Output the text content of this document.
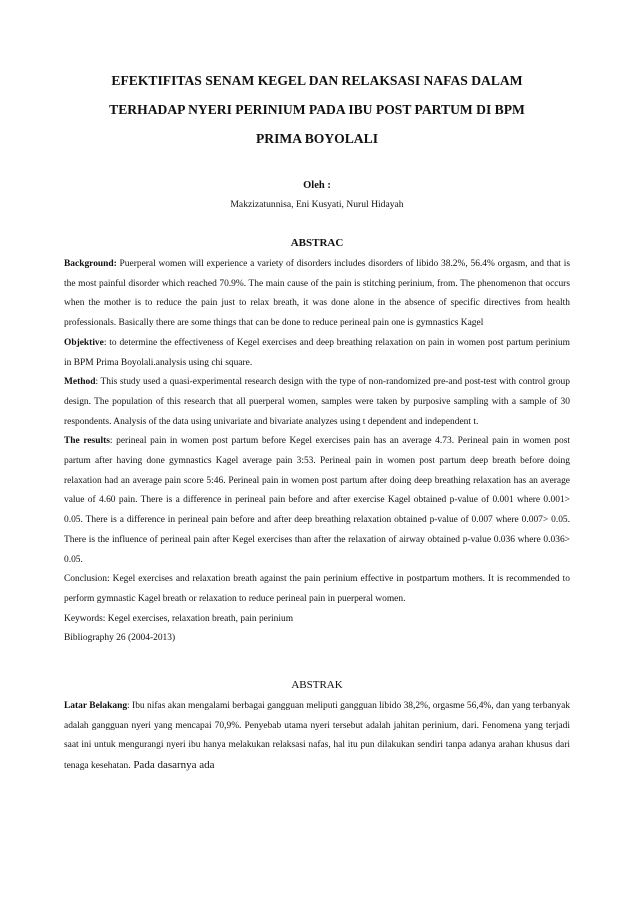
EFEKTIFITAS SENAM KEGEL DAN RELAKSASI NAFAS DALAM

TERHADAP NYERI PERINIUM PADA IBU POST PARTUM DI BPM

PRIMA BOYOLALI

Oleh :
Makzizatunnisa, Eni Kusyati, Nurul Hidayah
ABSTRAC

Background: Puerperal women will experience a variety of disorders includes disorders of libido 38.2%, 56.4% orgasm, and that is the most painful disorder which reached 70.9%. The main cause of the pain is stitching perinium, from. The phenomenon that occurs when the mother is to reduce the pain just to relax breath, it was done alone in the absence of specific directives from health professionals. Basically there are some things that can be done to reduce perineal pain one is gymnastics Kagel

Objektive: to determine the effectiveness of Kegel exercises and deep breathing relaxation on pain in women post partum perinium in BPM Prima Boyolali.analysis using chi square.

Method: This study used a quasi-experimental research design with the type of non-randomized pre-and post-test with control group design. The population of this research that all puerperal women, samples were taken by purposive sampling with a sample of 30 respondents. Analysis of the data using univariate and bivariate analyzes using t dependent and independent t.

The results: perineal pain in women post partum before Kegel exercises pain has an average 4.73. Perineal pain in women post partum after having done gymnastics Kagel average pain 3:53. Perineal pain in women post partum deep breath before doing relaxation had an average pain score 5:46. Perineal pain in women post partum after doing deep breathing relaxation has an average value of 4.60 pain. There is a difference in perineal pain before and after exercise Kagel obtained p-value of 0.001 where 0.001> 0.05. There is a difference in perineal pain before and after deep breathing relaxation obtained p-value of 0.007 where 0.007> 0.05. There is the influence of perineal pain after Kegel exercises than after the relaxation of airway obtained p-value 0.036 where 0.036> 0.05.

Conclusion: Kegel exercises and relaxation breath against the pain perinium effective in postpartum mothers. It is recommended to perform gymnastic Kagel breath or relaxation to reduce perineal pain in puerperal women.

Keywords: Kegel exercises, relaxation breath, pain perinium

Bibliography 26 (2004-2013)

ABSTRAK

Latar Belakang: Ibu nifas akan mengalami berbagai gangguan meliputi gangguan libido 38,2%, orgasme 56,4%, dan yang terbanyak adalah gangguan nyeri yang mencapai 70,9%. Penyebab utama nyeri tersebut adalah jahitan perinium, dari. Fenomena yang terjadi saat ini untuk mengurangi nyeri ibu hanya melakukan relaksasi nafas, hal itu pun dilakukan sendiri tanpa adanya arahan khusus dari tenaga kesehatan. Pada dasarnya ada
